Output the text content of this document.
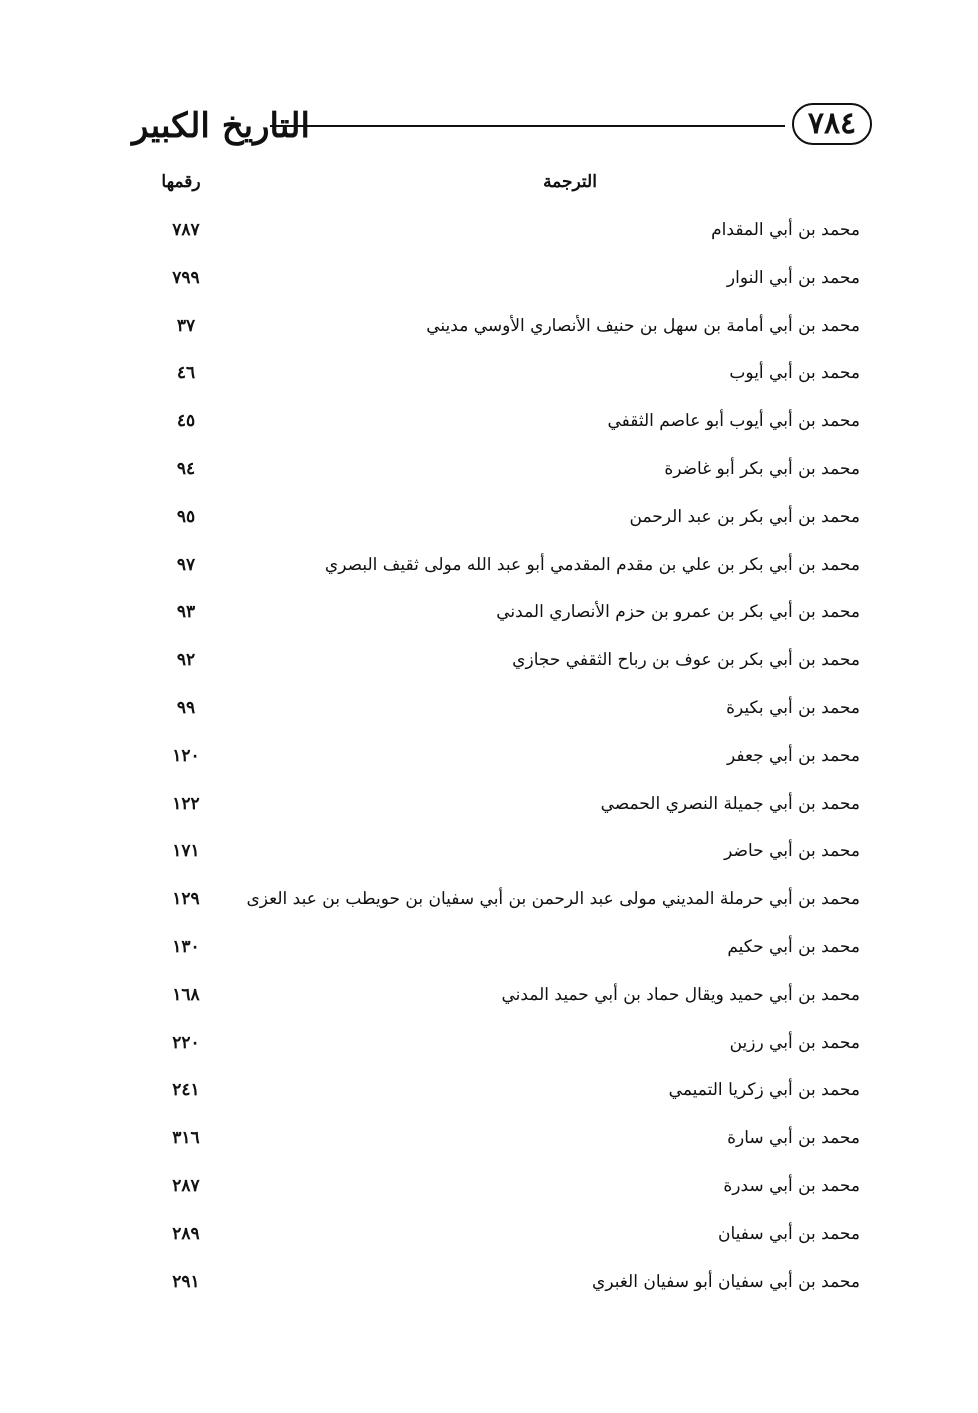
التاريخ الكبير	٧٨٤
الترجمة
رقمها
محمد بن أبي المقدام
٧٨٧
محمد بن أبي النوار
٧٩٩
محمد بن أبي أمامة بن سهل بن حنيف الأنصاري الأوسي مديني
٣٧
محمد بن أبي أيوب
٤٦
محمد بن أبي أيوب أبو عاصم الثقفي
٤٥
محمد بن أبي بكر أبو غاضرة
٩٤
محمد بن أبي بكر بن عبد الرحمن
٩٥
محمد بن أبي بكر بن علي بن مقدم المقدمي أبو عبد الله مولى ثقيف البصري
٩٧
محمد بن أبي بكر بن عمرو بن حزم الأنصاري المدني
٩٣
محمد بن أبي بكر بن عوف بن رباح الثقفي حجازي
٩٢
محمد بن أبي بكيرة
٩٩
محمد بن أبي جعفر
١٢٠
محمد بن أبي جميلة النصري الحمصي
١٢٢
محمد بن أبي حاضر
١٧١
محمد بن أبي حرملة المديني مولى عبد الرحمن بن أبي سفيان بن حويطب بن عبد العزى
١٢٩
محمد بن أبي حكيم
١٣٠
محمد بن أبي حميد ويقال حماد بن أبي حميد المدني
١٦٨
محمد بن أبي رزين
٢٢٠
محمد بن أبي زكريا التميمي
٢٤١
محمد بن أبي سارة
٣١٦
محمد بن أبي سدرة
٢٨٧
محمد بن أبي سفيان
٢٨٩
محمد بن أبي سفيان أبو سفيان الغبري
٢٩١
